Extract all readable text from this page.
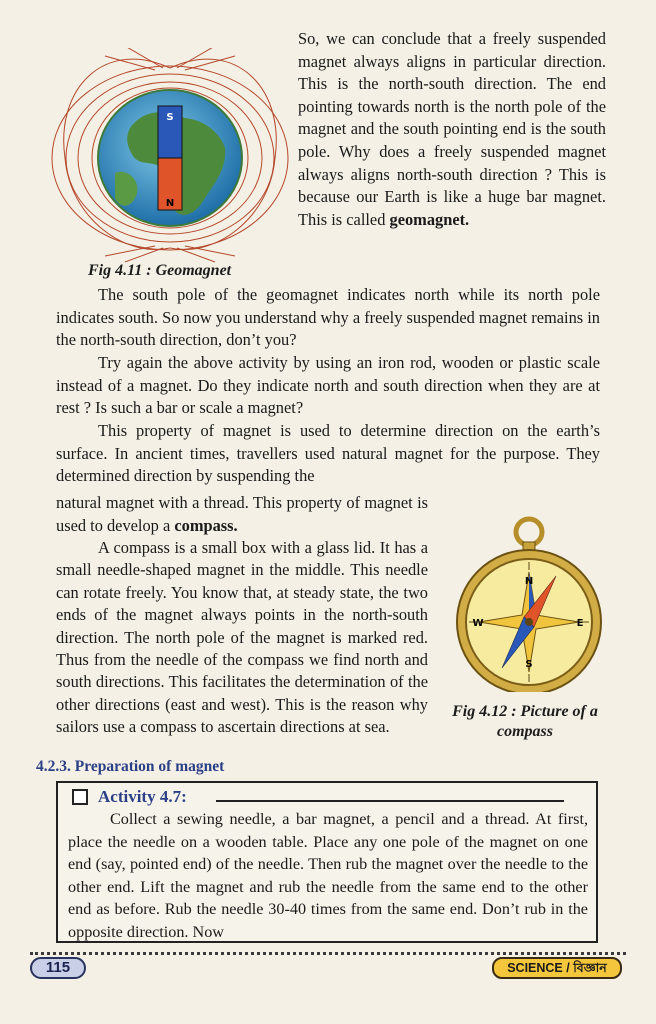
S
N

So, we can conclude that a freely suspended magnet always aligns in particular direction. This is the north-south direction. The end pointing towards north is the north pole of the magnet and the south pointing end is the south pole. Why does a freely suspended magnet always aligns north-south direction ? This is because our Earth is like a huge bar magnet. This is called geomagnet.

Fig 4.11 : Geomagnet

The south pole of the geomagnet indicates north while its north pole indicates south. So now you understand why a freely suspended magnet remains in the north-south direction, don’t you?

Try again the above activity by using an iron rod, wooden or plastic scale instead of a magnet. Do they indicate north and south direction when they are at rest ? Is such a bar or scale a magnet?

This property of magnet is used to determine direction on the earth’s surface. In ancient times, travellers used natural magnet for the purpose. They determined direction by suspending the

natural magnet with a thread. This property of magnet is used to develop a compass.

A compass is a small box with a glass lid. It has a small needle-shaped magnet in the middle. This needle can rotate freely. You know that, at steady state, the two ends of the magnet always points in the north-south direction. The north pole of the magnet is marked red. Thus from the needle of the compass we find north and south directions. This facilitates the determination of the other directions (east and west). This is the reason why sailors use a compass to ascertain directions at sea.

N
E
S
W
Fig 4.12 : Picture of a compass
4.2.3. Preparation of magnet
Activity 4.7:

Collect a sewing needle, a bar magnet, a pencil and a thread. At first, place the needle on a wooden table. Place any one pole of the magnet on one end (say, pointed end) of the needle. Then rub the magnet over the needle to the other end. Lift the magnet and rub the needle from the same end to the other end as before. Rub the needle 30-40 times from the same end. Don’t rub in the opposite direction. Now

115	SCIENCE / বিজ্ঞান
